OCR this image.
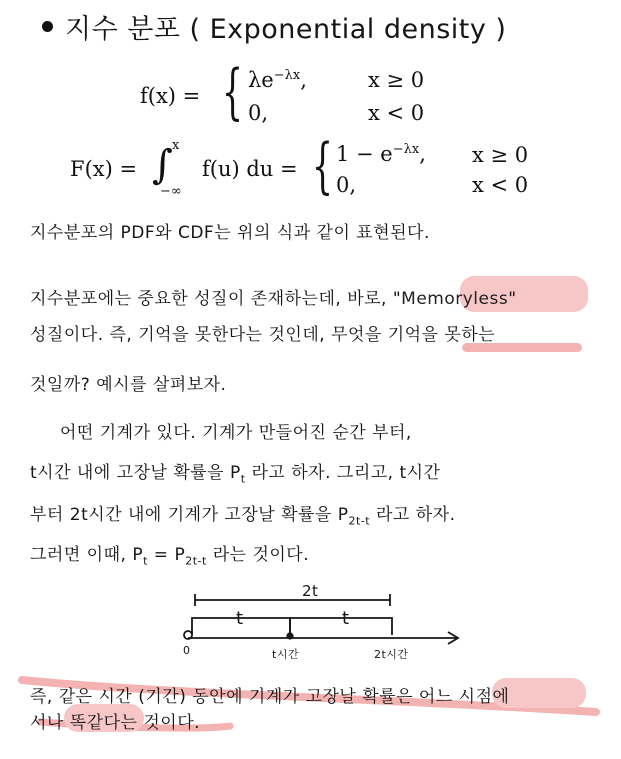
지수 분포 ( Exponential density )
f(x) = { $\lambda e^{-\lambda x}$,	x ≥ 0
0,	x < 0
F(x) = ∫ x
−∞
f(u) du = { $1 - e^{-\lambda x}$, x ≥ 0
0,	x < 0
지수분포의 PDF와 CDF는 위의 식과 같이 표현된다.
지수분포에는 중요한 성질이 존재하는데, 바로, "Memoryless"
성질이다. 즉, 기억을 못한다는 것인데, 무엇을 기억을 못하는
것일까? 예시를 살펴보자.
어떤 기계가 있다. 기계가 만들어진 순간 부터,
t시간 내에 고장날 확률을 $P_t$ 라고 하자. 그리고, t시간
부터 2t시간 내에 기계가 고장날 확률을 $P_{2t-t}$ 라고 하자.
그러면 이때, $P_t = P_{2t-t}$ 라는 것이다.
2t
t	t
0	t시간	2t시간
즉, 같은 시간 (기간) 동안에 기계가 고장날 확률은 어느 시점에
서나 똑같다는 것이다.
